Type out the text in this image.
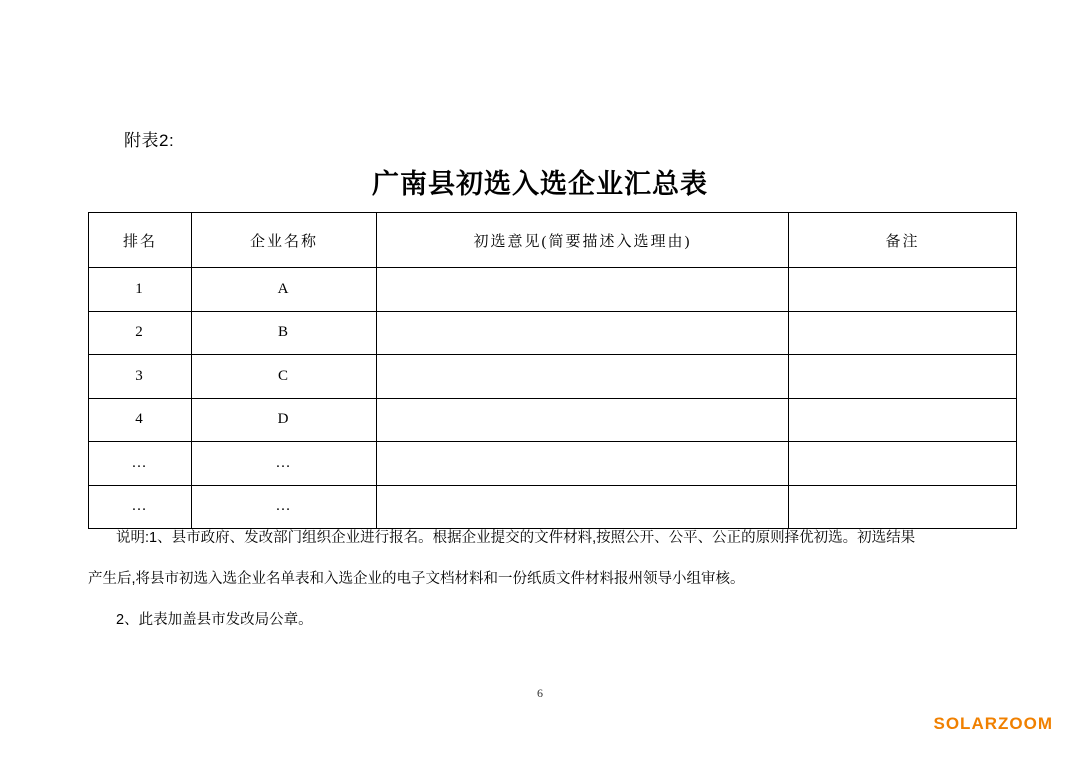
附表2:
广南县初选入选企业汇总表
排名	企业名称	初选意见(简要描述入选理由)	备注
1	A		
2	B		
3	C		
4	D		
…	…		
…	…		
说明:1、县市政府、发改部门组织企业进行报名。根据企业提交的文件材料,按照公开、公平、公正的原则择优初选。初选结果
产生后,将县市初选入选企业名单表和入选企业的电子文档材料和一份纸质文件材料报州领导小组审核。
2、此表加盖县市发改局公章。
6
SOLARZOOM
